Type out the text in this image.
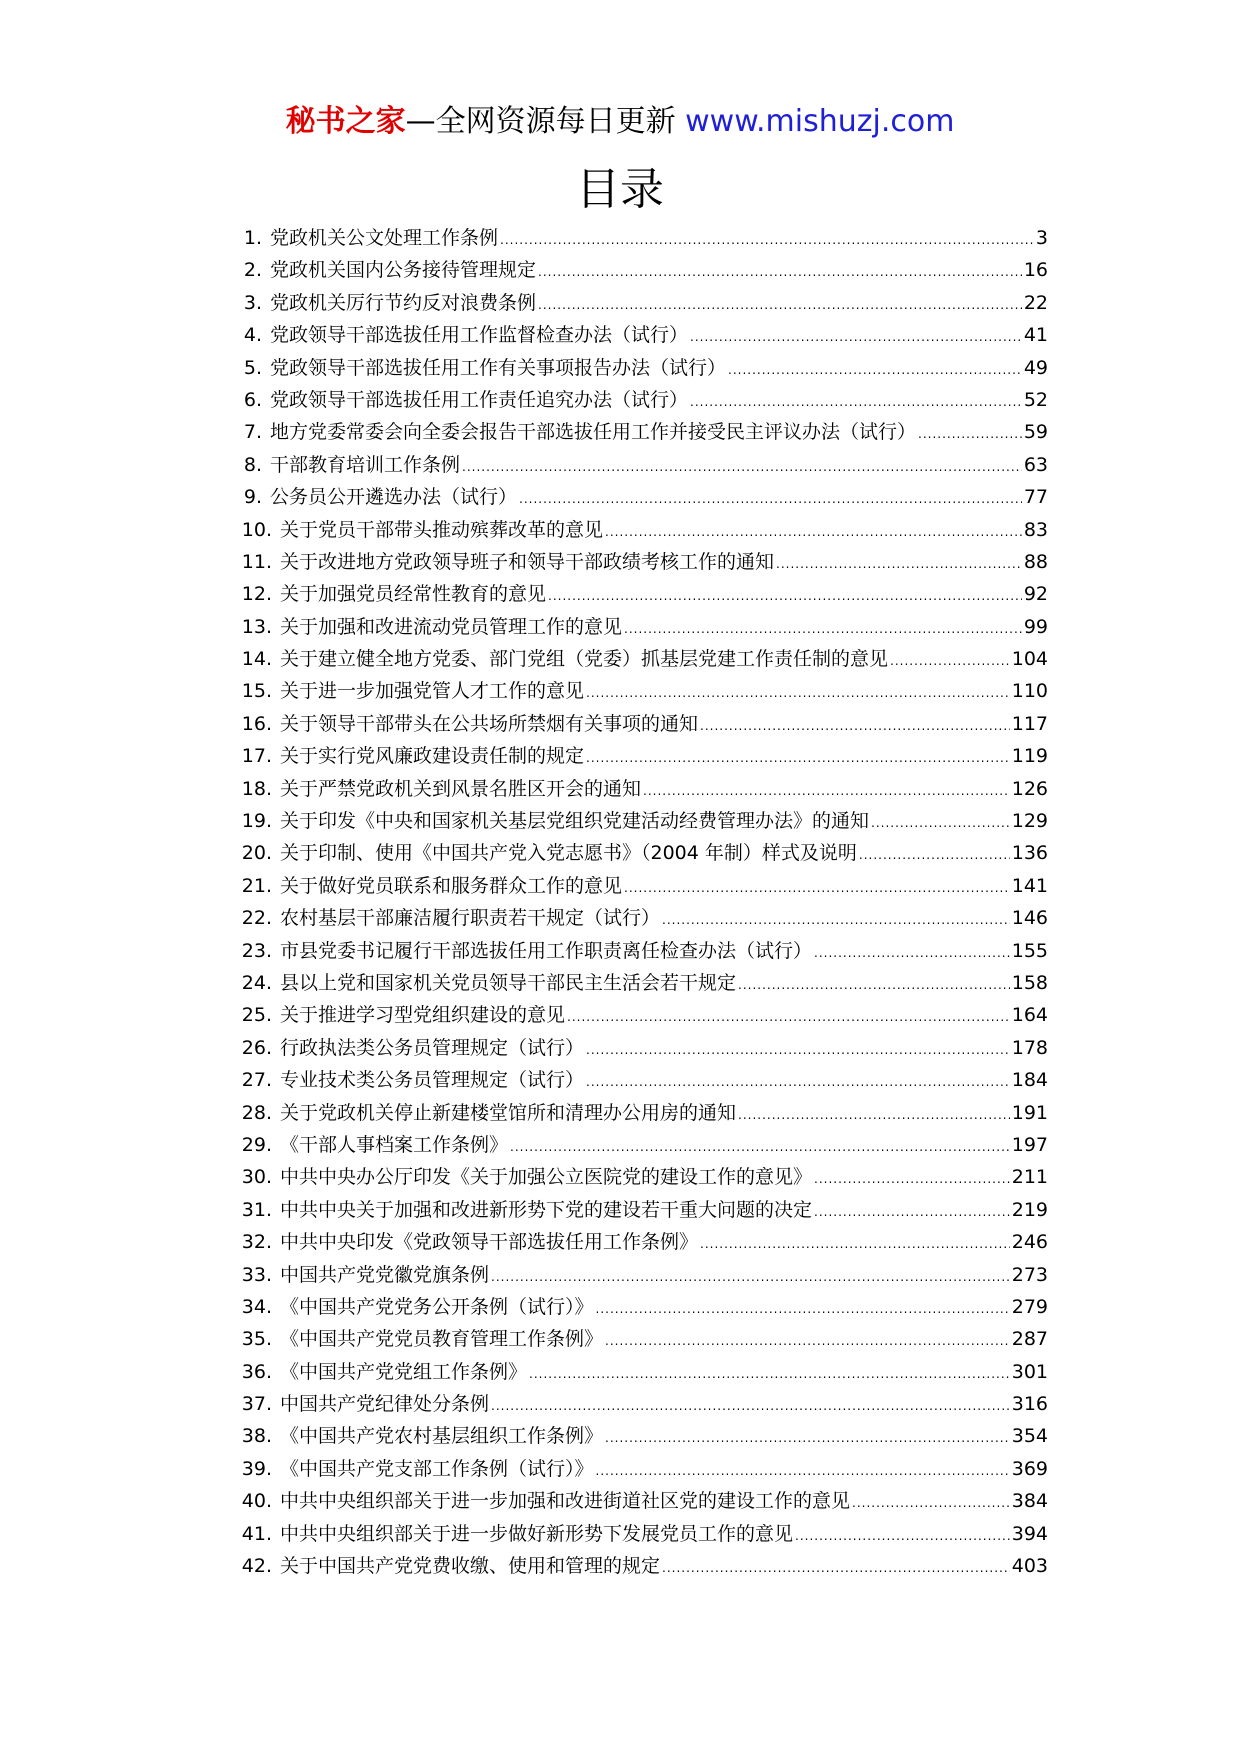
秘书之家—全网资源每日更新 www.mishuzj.com
目录
1. 党政机关公文处理工作条例 .....	3
2. 党政机关国内公务接待管理规定 .....	16
3. 党政机关厉行节约反对浪费条例 .....	22
4. 党政领导干部选拔任用工作监督检查办法（试行） .....	41
5. 党政领导干部选拔任用工作有关事项报告办法（试行） .....	49
6. 党政领导干部选拔任用工作责任追究办法（试行） .....	52
7. 地方党委常委会向全委会报告干部选拔任用工作并接受民主评议办法（试行） .....	59
8. 干部教育培训工作条例 .....	63
9. 公务员公开遴选办法（试行） .....	77
10. 关于党员干部带头推动殡葬改革的意见 .....	83
11. 关于改进地方党政领导班子和领导干部政绩考核工作的通知 .....	88
12. 关于加强党员经常性教育的意见 .....	92
13. 关于加强和改进流动党员管理工作的意见 .....	99
14. 关于建立健全地方党委、部门党组（党委）抓基层党建工作责任制的意见 .....	104
15. 关于进一步加强党管人才工作的意见 .....	110
16. 关于领导干部带头在公共场所禁烟有关事项的通知 .....	117
17. 关于实行党风廉政建设责任制的规定 .....	119
18. 关于严禁党政机关到风景名胜区开会的通知 .....	126
19. 关于印发《中央和国家机关基层党组织党建活动经费管理办法》的通知 .....	129
20. 关于印制、使用《中国共产党入党志愿书》（2004 年制）样式及说明 .....	136
21. 关于做好党员联系和服务群众工作的意见 .....	141
22. 农村基层干部廉洁履行职责若干规定（试行） .....	146
23. 市县党委书记履行干部选拔任用工作职责离任检查办法（试行） .....	155
24. 县以上党和国家机关党员领导干部民主生活会若干规定 .....	158
25. 关于推进学习型党组织建设的意见 .....	164
26. 行政执法类公务员管理规定（试行） .....	178
27. 专业技术类公务员管理规定（试行） .....	184
28. 关于党政机关停止新建楼堂馆所和清理办公用房的通知 .....	191
29. 《干部人事档案工作条例》 .....	197
30. 中共中央办公厅印发《关于加强公立医院党的建设工作的意见》 .....	211
31. 中共中央关于加强和改进新形势下党的建设若干重大问题的决定 .....	219
32. 中共中央印发《党政领导干部选拔任用工作条例》 .....	246
33. 中国共产党党徽党旗条例 .....	273
34. 《中国共产党党务公开条例（试行）》 .....	279
35. 《中国共产党党员教育管理工作条例》 .....	287
36. 《中国共产党党组工作条例》 .....	301
37. 中国共产党纪律处分条例 .....	316
38. 《中国共产党农村基层组织工作条例》 .....	354
39. 《中国共产党支部工作条例（试行）》 .....	369
40. 中共中央组织部关于进一步加强和改进街道社区党的建设工作的意见 .....	384
41. 中共中央组织部关于进一步做好新形势下发展党员工作的意见 .....	394
42. 关于中国共产党党费收缴、使用和管理的规定 .....	403
